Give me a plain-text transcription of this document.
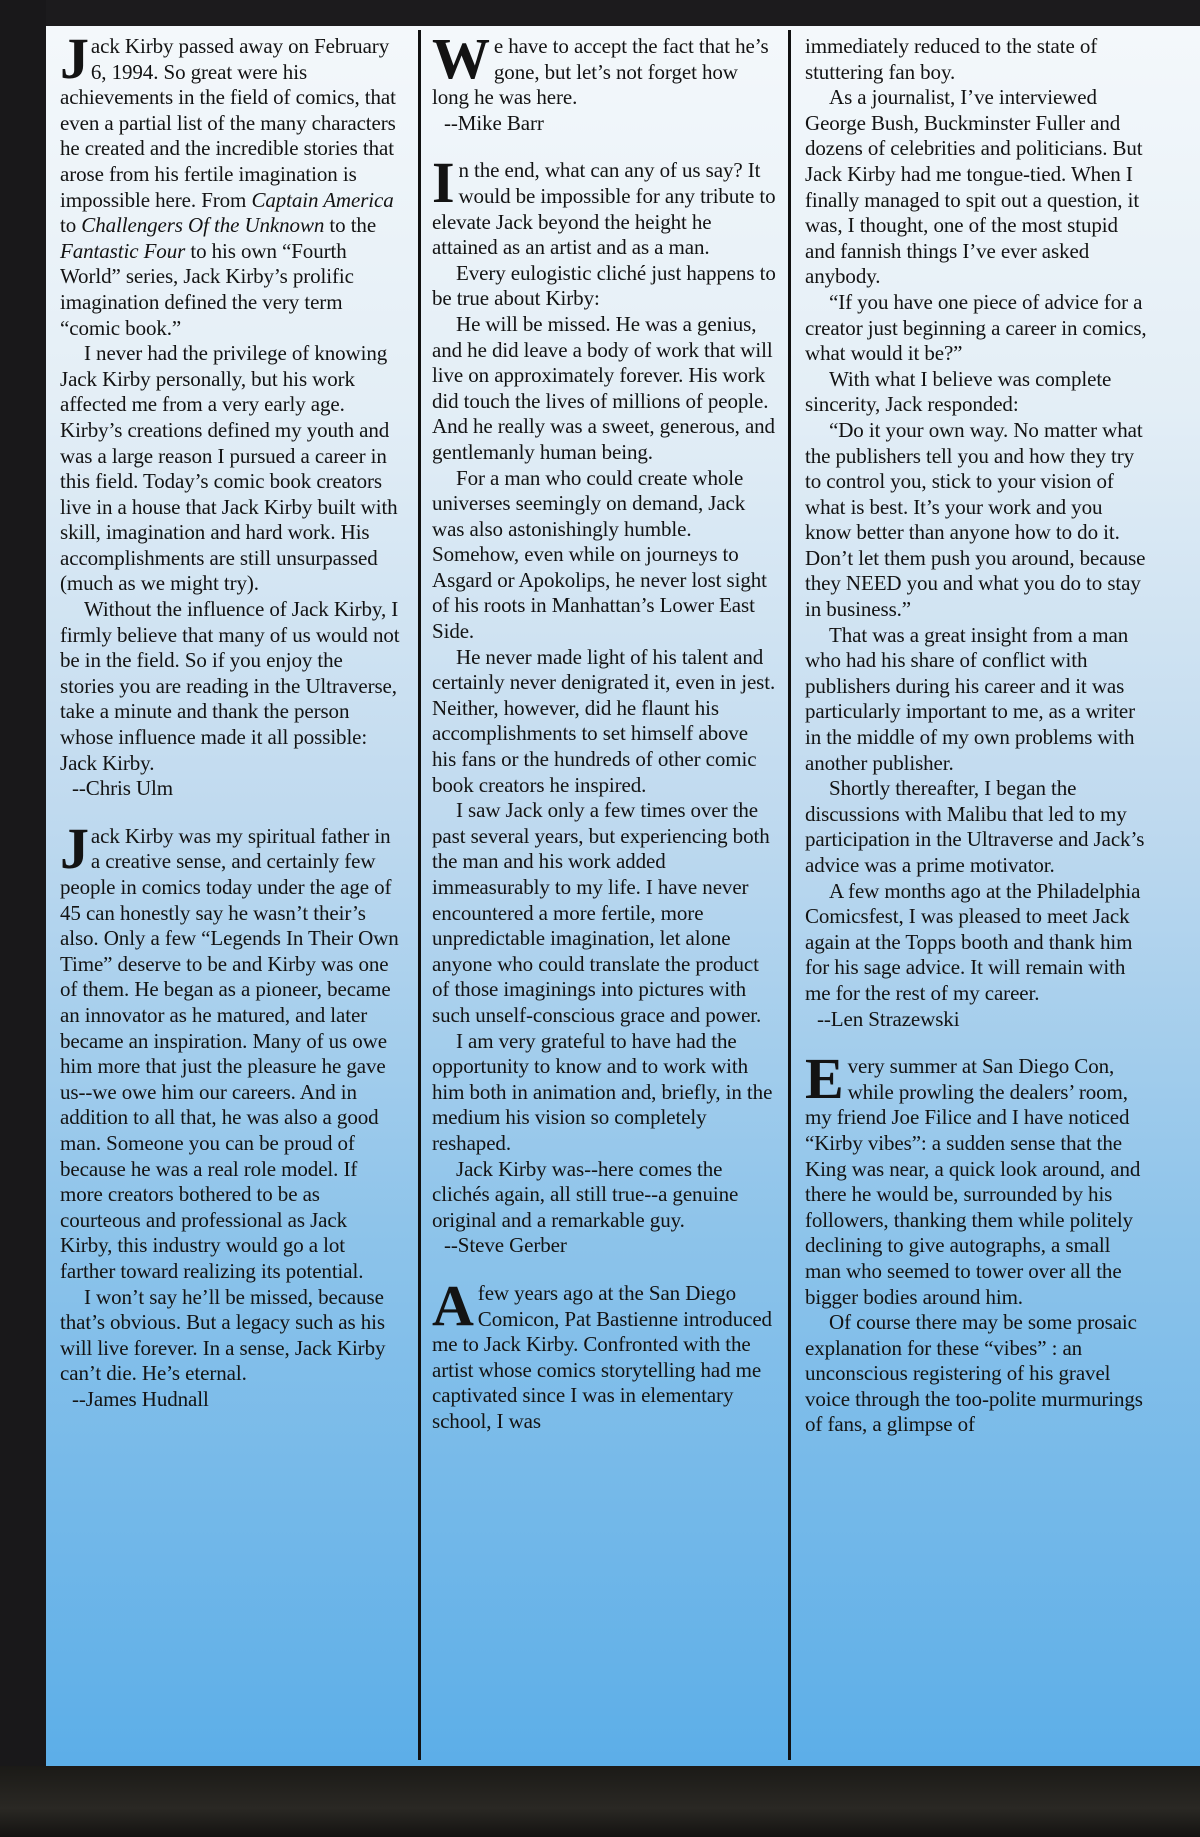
Jack Kirby passed away on February 6, 1994. So great were his achievements in the field of comics, that even a partial list of the many characters he created and the incredible stories that arose from his fertile imagination is impossible here. From Captain America to Challengers Of the Unknown to the Fantastic Four to his own “Fourth World” series, Jack Kirby’s prolific imagination defined the very term “comic book.”

I never had the privilege of knowing Jack Kirby personally, but his work affected me from a very early age. Kirby’s creations defined my youth and was a large reason I pursued a career in this field. Today’s comic book creators live in a house that Jack Kirby built with skill, imagination and hard work. His accomplishments are still unsurpassed (much as we might try).

Without the influence of Jack Kirby, I firmly believe that many of us would not be in the field. So if you enjoy the stories you are reading in the Ultraverse, take a minute and thank the person whose influence made it all possible: Jack Kirby.

--Chris Ulm

Jack Kirby was my spiritual father in a creative sense, and certainly few people in comics today under the age of 45 can honestly say he wasn’t their’s also. Only a few “Legends In Their Own Time” deserve to be and Kirby was one of them. He began as a pioneer, became an innovator as he matured, and later became an inspiration. Many of us owe him more that just the pleasure he gave us--we owe him our careers. And in addition to all that, he was also a good man. Someone you can be proud of because he was a real role model. If more creators bothered to be as courteous and professional as Jack Kirby, this industry would go a lot farther toward realizing its potential.

I won’t say he’ll be missed, because that’s obvious. But a legacy such as his will live forever. In a sense, Jack Kirby can’t die. He’s eternal.

--James Hudnall

We have to accept the fact that he’s gone, but let’s not forget how long he was here.

--Mike Barr

In the end, what can any of us say? It would be impossible for any tribute to elevate Jack beyond the height he attained as an artist and as a man.

Every eulogistic cliché just happens to be true about Kirby:

He will be missed. He was a genius, and he did leave a body of work that will live on approximately forever. His work did touch the lives of millions of people. And he really was a sweet, generous, and gentlemanly human being.

For a man who could create whole universes seemingly on demand, Jack was also astonishingly humble. Somehow, even while on journeys to Asgard or Apokolips, he never lost sight of his roots in Manhattan’s Lower East Side.

He never made light of his talent and certainly never denigrated it, even in jest. Neither, however, did he flaunt his accomplishments to set himself above his fans or the hundreds of other comic book creators he inspired.

I saw Jack only a few times over the past several years, but experiencing both the man and his work added immeasurably to my life. I have never encountered a more fertile, more unpredictable imagination, let alone anyone who could translate the product of those imaginings into pictures with such unself-conscious grace and power.

I am very grateful to have had the opportunity to know and to work with him both in animation and, briefly, in the medium his vision so completely reshaped.

Jack Kirby was--here comes the clichés again, all still true--a genuine original and a remarkable guy.

--Steve Gerber

A few years ago at the San Diego Comicon, Pat Bastienne introduced me to Jack Kirby. Confronted with the artist whose comics storytelling had me captivated since I was in elementary school, I was

immediately reduced to the state of stuttering fan boy.

As a journalist, I’ve interviewed George Bush, Buckminster Fuller and dozens of celebrities and politicians. But Jack Kirby had me tongue-tied. When I finally managed to spit out a question, it was, I thought, one of the most stupid and fannish things I’ve ever asked anybody.

“If you have one piece of advice for a creator just beginning a career in comics, what would it be?”

With what I believe was complete sincerity, Jack responded:

“Do it your own way. No matter what the publishers tell you and how they try to control you, stick to your vision of what is best. It’s your work and you know better than anyone how to do it. Don’t let them push you around, because they NEED you and what you do to stay in business.”

That was a great insight from a man who had his share of conflict with publishers during his career and it was particularly important to me, as a writer in the middle of my own problems with another publisher.

Shortly thereafter, I began the discussions with Malibu that led to my participation in the Ultraverse and Jack’s advice was a prime motivator.

A few months ago at the Philadelphia Comicsfest, I was pleased to meet Jack again at the Topps booth and thank him for his sage advice. It will remain with me for the rest of my career.

--Len Strazewski

Every summer at San Diego Con, while prowling the dealers’ room, my friend Joe Filice and I have noticed “Kirby vibes”: a sudden sense that the King was near, a quick look around, and there he would be, surrounded by his followers, thanking them while politely declining to give autographs, a small man who seemed to tower over all the bigger bodies around him.

Of course there may be some prosaic explanation for these “vibes” : an unconscious registering of his gravel voice through the too-polite murmurings of fans, a glimpse of
